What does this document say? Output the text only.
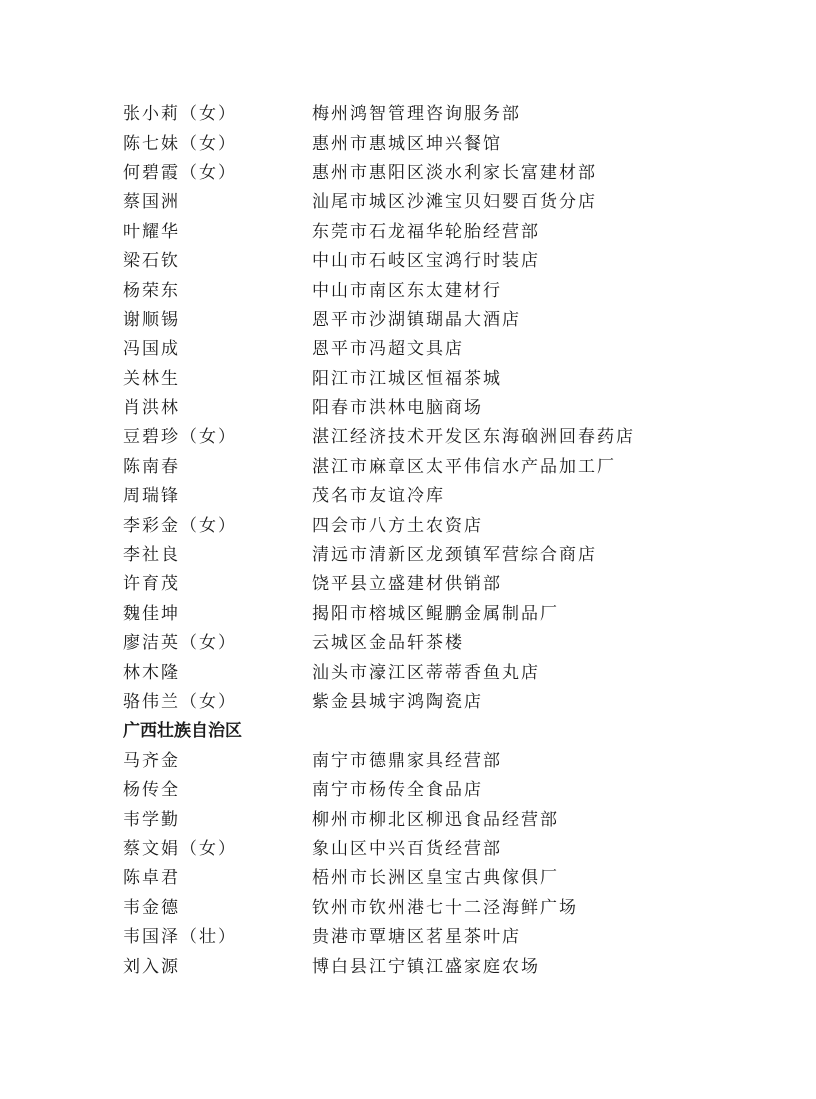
张小莉（女）	梅州鸿智管理咨询服务部
陈七妹（女）	惠州市惠城区坤兴餐馆
何碧霞（女）	惠州市惠阳区淡水利家长富建材部
蔡国洲	汕尾市城区沙滩宝贝妇婴百货分店
叶耀华	东莞市石龙福华轮胎经营部
梁石钦	中山市石岐区宝鸿行时装店
杨荣东	中山市南区东太建材行
谢顺锡	恩平市沙湖镇瑚晶大酒店
冯国成	恩平市冯超文具店
关林生	阳江市江城区恒福茶城
肖洪林	阳春市洪林电脑商场
豆碧珍（女）	湛江经济技术开发区东海硇洲回春药店
陈南春	湛江市麻章区太平伟信水产品加工厂
周瑞锋	茂名市友谊冷库
李彩金（女）	四会市八方土农资店
李社良	清远市清新区龙颈镇军营综合商店
许育茂	饶平县立盛建材供销部
魏佳坤	揭阳市榕城区鲲鹏金属制品厂
廖洁英（女）	云城区金品轩茶楼
林木隆	汕头市濠江区蒂蒂香鱼丸店
骆伟兰（女）	紫金县城宇鸿陶瓷店
广西壮族自治区
马齐金	南宁市德鼎家具经营部
杨传全	南宁市杨传全食品店
韦学勤	柳州市柳北区柳迅食品经营部
蔡文娟（女）	象山区中兴百货经营部
陈卓君	梧州市长洲区皇宝古典傢俱厂
韦金德	钦州市钦州港七十二泾海鲜广场
韦国泽（壮）	贵港市覃塘区茗星茶叶店
刘入源	博白县江宁镇江盛家庭农场
